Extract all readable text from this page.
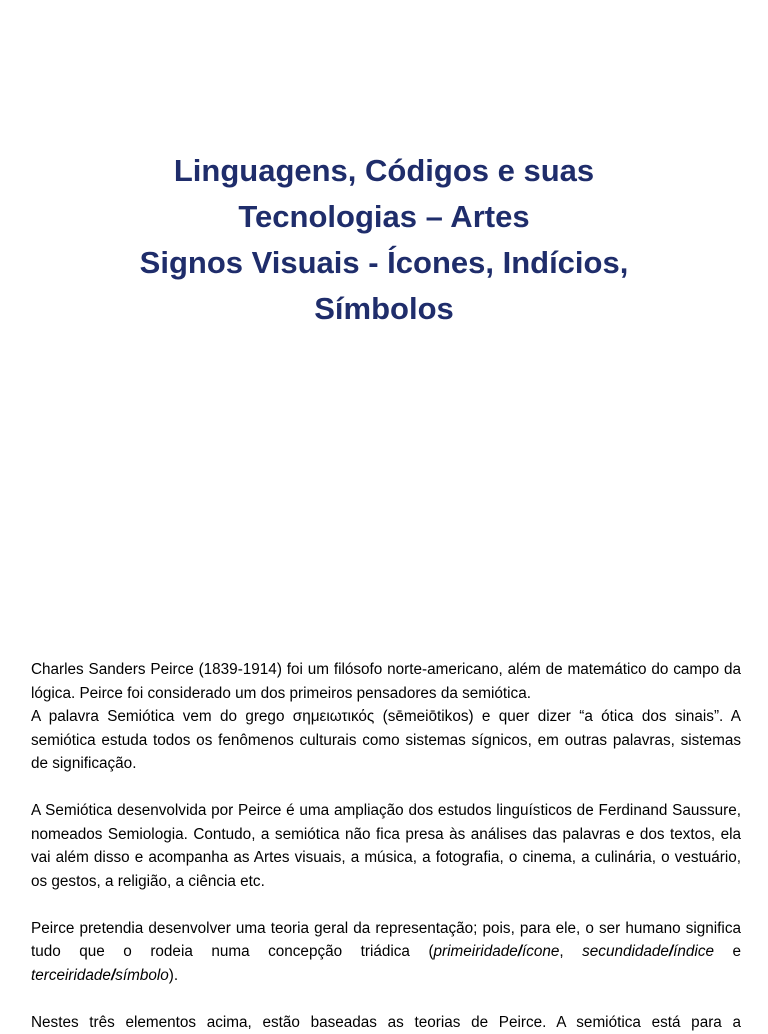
Linguagens, Códigos e suas
Tecnologias – Artes
Signos Visuais - Ícones, Indícios,
Símbolos

Charles Sanders Peirce (1839-1914) foi um filósofo norte-americano, além de matemático do campo da lógica. Peirce foi considerado um dos primeiros pensadores da semiótica.

A palavra Semiótica vem do grego σημειωτικός (sēmeiōtikos) e quer dizer “a ótica dos sinais”. A semiótica estuda todos os fenômenos culturais como sistemas sígnicos, em outras palavras, sistemas de significação.

A Semiótica desenvolvida por Peirce é uma ampliação dos estudos linguísticos de Ferdinand Saussure, nomeados Semiologia. Contudo, a semiótica não fica presa às análises das palavras e dos textos, ela vai além disso e acompanha as Artes visuais, a música, a fotografia, o cinema, a culinária, o vestuário, os gestos, a religião, a ciência etc.

Peirce pretendia desenvolver uma teoria geral da representação; pois, para ele, o ser humano significa tudo que o rodeia numa concepção triádica (primeiridade/ícone, secundidade/índice e terceiridade/símbolo).

Nestes três elementos acima, estão baseadas as teorias de Peirce. A semiótica está para a
